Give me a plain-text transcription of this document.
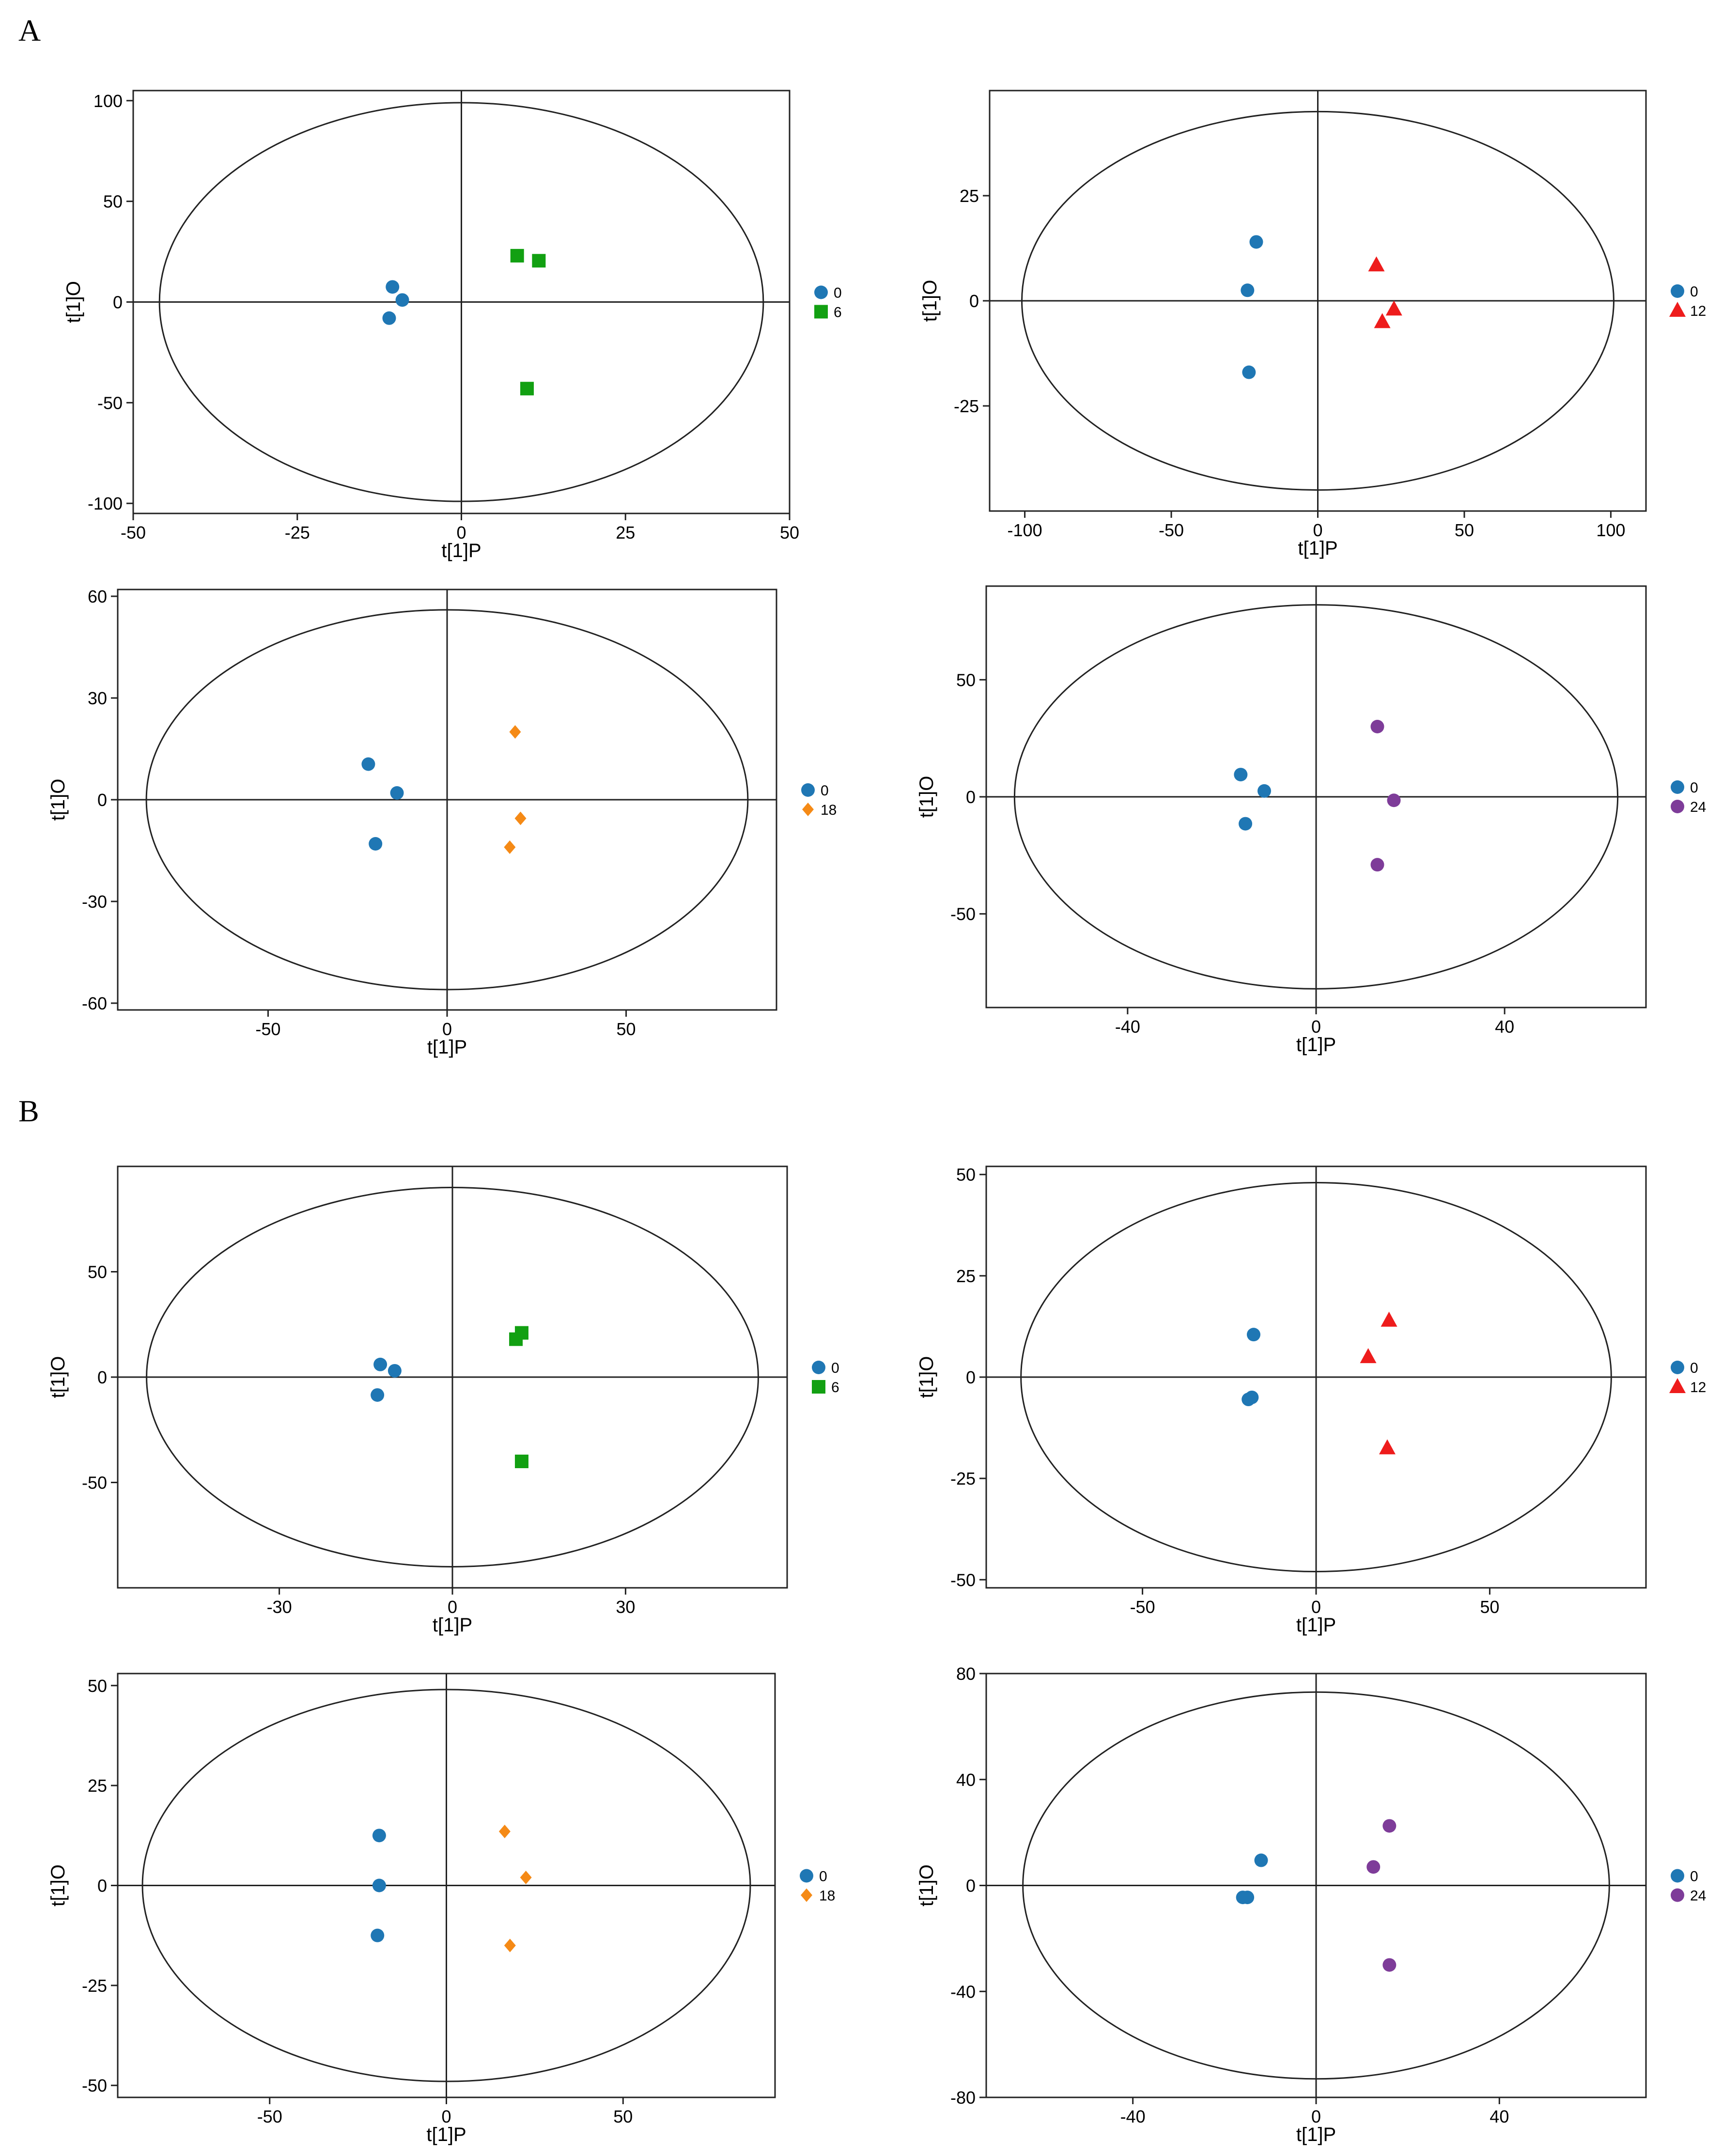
A
B
-50	-25	0	25	50
-100
-50
0
50
100
t[1]P
t[1]O	0
6
-100	-50	0	50	100
-25
0
25
t[1]P
t[1]O	0
12
-50	0	50
-60
-30
0
30
60
t[1]P
t[1]O	0
18
-40	0	40
-50
0
50
t[1]P
t[1]O	0
24
-30	0	30
-50
0
50
t[1]P
t[1]O	0
6
-50	0	50
-50
-25
0
25
50
t[1]P
t[1]O	0
12
-50	0	50
-50
-25
0
25
50
t[1]P
t[1]O	0
18
-40	0	40
-80
-40
0
40
80
t[1]P
t[1]O	0
24
